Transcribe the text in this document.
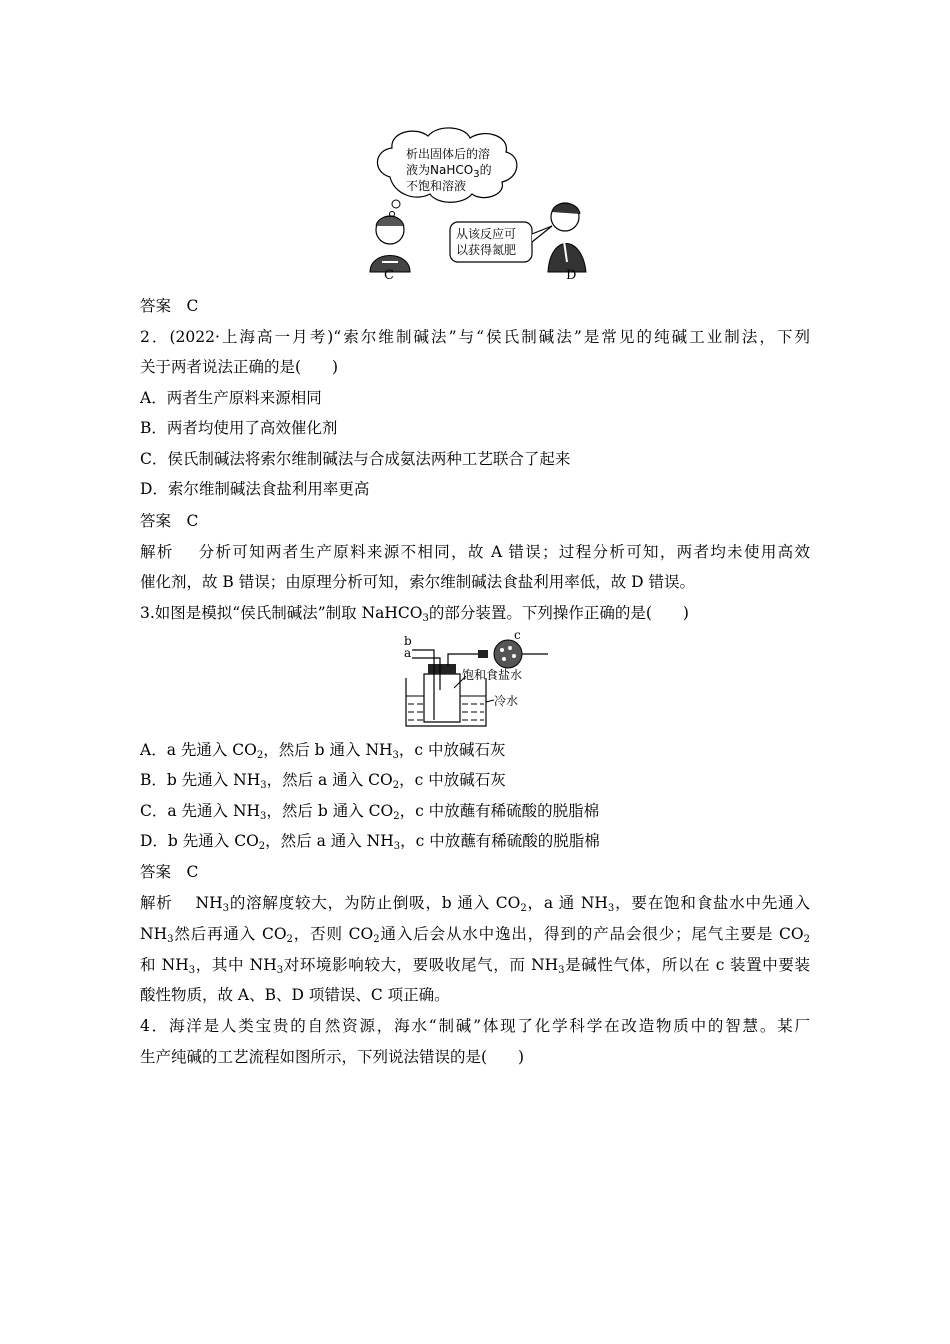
析出固体后的溶
液为NaHCO$_3$的
不饱和溶液
从该反应可
以获得氮肥
C	D
答案　 C
2．(2022·上海高一月考)“索尔维制碱法”与“侯氏制碱法”是常见的纯碱工业制法，下列
关于两者说法正确的是(　　)
A．两者生产原料来源相同
B．两者均使用了高效催化剂
C．侯氏制碱法将索尔维制碱法与合成氨法两种工艺联合了起来
D．索尔维制碱法食盐利用率更高
答案　 C
解析 分析可知两者生产原料来源不相同，故 A 错误；过程分析可知，两者均未使用高效
催化剂，故 B 错误；由原理分析可知，索尔维制碱法食盐利用率低，故 D 错误。
3.如图是模拟“侯氏制碱法”制取 NaHCO$_3$的部分装置。下列操作正确的是(　　)
b
a
c
饱和食盐水
冷水
A．a 先通入 $CO_2$，然后 b 通入 $NH_3$，c 中放碱石灰
B．b 先通入 $NH_3$，然后 a 通入 $CO_2$，c 中放碱石灰
C．a 先通入 $NH_3$，然后 b 通入 $CO_2$，c 中放蘸有稀硫酸的脱脂棉
D．b 先通入 $CO_2$，然后 a 通入 $NH_3$，c 中放蘸有稀硫酸的脱脂棉
答案　 C
解析 $NH_3$的溶解度较大，为防止倒吸，b 通入 $CO_2$，a 通 $NH_3$，要在饱和食盐水中先通入
$NH_3$然后再通入 $CO_2$，否则 $CO_2$通入后会从水中逸出，得到的产品会很少；尾气主要是 $CO_2$
和 $NH_3$，其中 $NH_3$对环境影响较大，要吸收尾气，而 $NH_3$是碱性气体，所以在 c 装置中要装
酸性物质，故 A、B、D 项错误、C 项正确。
4．海洋是人类宝贵的自然资源，海水“制碱”体现了化学科学在改造物质中的智慧。某厂
生产纯碱的工艺流程如图所示，下列说法错误的是(　　)
